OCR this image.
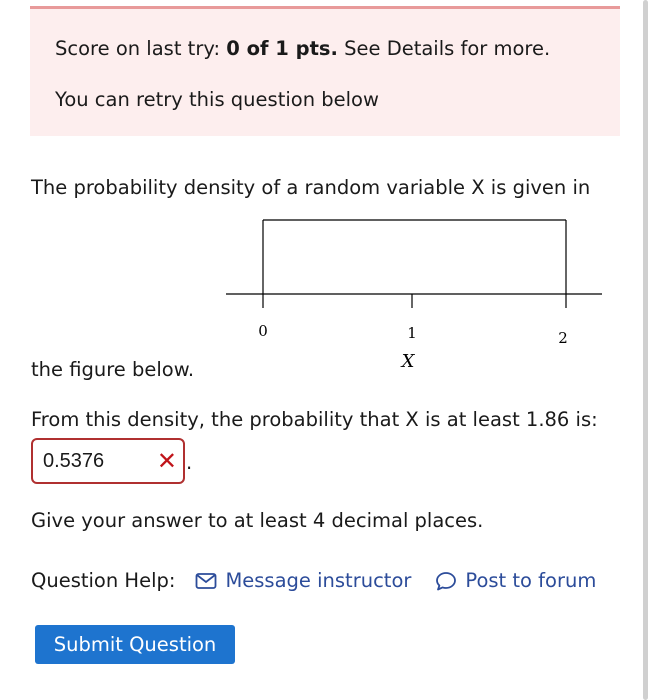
Score on last try: 0 of 1 pts. See Details for more.
You can retry this question below
The probability density of a random variable X is given in
0	1	2
X
the figure below.
From this density, the probability that X is at least 1.86 is:
0.5376 ✕ .
Give your answer to at least 4 decimal places.
Question Help:	Message instructor	Post to forum
Submit Question
